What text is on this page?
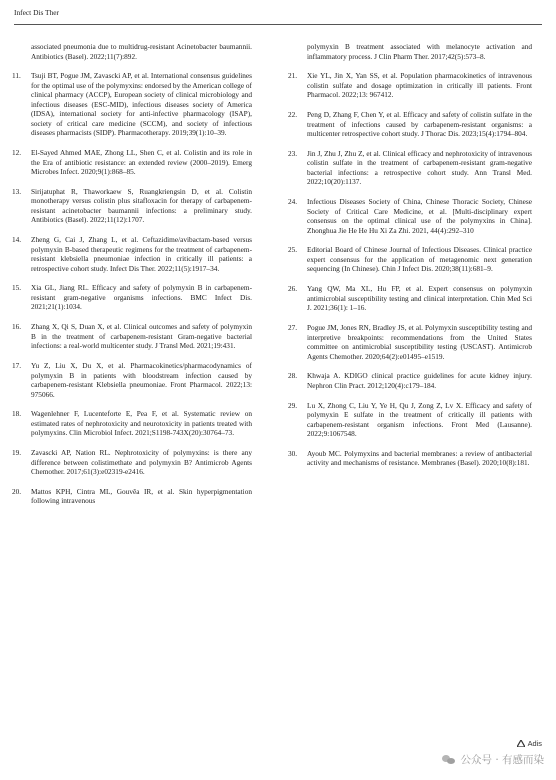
Infect Dis Ther
associated pneumonia due to multidrug-resistant Acinetobacter baumannii. Antibiotics (Basel). 2022;11(7):892.
11.	Tsuji BT, Pogue JM, Zavascki AP, et al. International consensus guidelines for the optimal use of the polymyxins: endorsed by the American college of clinical pharmacy (ACCP), European society of clinical microbiology and infectious diseases (ESC-MID), infectious diseases society of America (IDSA), international society for anti-infective pharmacology (ISAP), society of critical care medicine (SCCM), and society of infectious diseases pharmacists (SIDP). Pharmacotherapy. 2019;39(1):10–39.
12.	El-Sayed Ahmed MAE, Zhong LL, Shen C, et al. Colistin and its role in the Era of antibiotic resistance: an extended review (2000–2019). Emerg Microbes Infect. 2020;9(1):868–85.
13.	Sirijatuphat R, Thaworkaew S, Ruangkriengsin D, et al. Colistin monotherapy versus colistin plus sitafloxacin for therapy of carbapenem-resistant acinetobacter baumannii infections: a preliminary study. Antibiotics (Basel). 2022;11(12):1707.
14.	Zheng G, Cai J, Zhang L, et al. Ceftazidime/avibactam-based versus polymyxin B-based therapeutic regimens for the treatment of carbapenem-resistant klebsiella pneumoniae infection in critically ill patients: a retrospective cohort study. Infect Dis Ther. 2022;11(5):1917–34.
15.	Xia GL, Jiang RL. Efficacy and safety of polymyxin B in carbapenem-resistant gram-negative organisms infections. BMC Infect Dis. 2021;21(1):1034.
16.	Zhang X, Qi S, Duan X, et al. Clinical outcomes and safety of polymyxin B in the treatment of carbapenem-resistant Gram-negative bacterial infections: a real-world multicenter study. J Transl Med. 2021;19:431.
17.	Yu Z, Liu X, Du X, et al. Pharmacokinetics/pharmacodynamics of polymyxin B in patients with bloodstream infection caused by carbapenem-resistant Klebsiella pneumoniae. Front Pharmacol. 2022;13: 975066.
18.	Wagenlehner F, Lucenteforte E, Pea F, et al. Systematic review on estimated rates of nephrotoxicity and neurotoxicity in patients treated with polymyxins. Clin Microbiol Infect. 2021;S1198-743X(20):30764–73.
19.	Zavascki AP, Nation RL. Nephrotoxicity of polymyxins: is there any difference between colistimethate and polymyxin B? Antimicrob Agents Chemother. 2017;61(3):e02319-e2416.
20.	Mattos KPH, Cintra ML, Gouvêa IR, et al. Skin hyperpigmentation following intravenous
polymyxin B treatment associated with melanocyte activation and inflammatory process. J Clin Pharm Ther. 2017;42(5):573–8.
21.	Xie YL, Jin X, Yan SS, et al. Population pharmacokinetics of intravenous colistin sulfate and dosage optimization in critically ill patients. Front Pharmacol. 2022;13: 967412.
22.	Peng D, Zhang F, Chen Y, et al. Efficacy and safety of colistin sulfate in the treatment of infections caused by carbapenem-resistant organisms: a multicenter retrospective cohort study. J Thorac Dis. 2023;15(4):1794–804.
23.	Jin J, Zhu J, Zhu Z, et al. Clinical efficacy and nephrotoxicity of intravenous colistin sulfate in the treatment of carbapenem-resistant gram-negative bacterial infections: a retrospective cohort study. Ann Transl Med. 2022;10(20):1137.
24.	Infectious Diseases Society of China, Chinese Thoracic Society, Chinese Society of Critical Care Medicine, et al. [Multi-disciplinary expert consensus on the optimal clinical use of the polymyxins in China]. Zhonghua Jie He He Hu Xi Za Zhi. 2021, 44(4):292–310
25.	Editorial Board of Chinese Journal of Infectious Diseases. Clinical practice expert consensus for the application of metagenomic next generation sequencing (In Chinese). Chin J Infect Dis. 2020;38(11):681–9.
26.	Yang QW, Ma XL, Hu FP, et al. Expert consensus on polymyxin antimicrobial susceptibility testing and clinical interpretation. Chin Med Sci J. 2021;36(1): 1–16.
27.	Pogue JM, Jones RN, Bradley JS, et al. Polymyxin susceptibility testing and interpretive breakpoints: recommendations from the United States committee on antimicrobial susceptibility testing (USCAST). Antimicrob Agents Chemother. 2020;64(2):e01495–e1519.
28.	Khwaja A. KDIGO clinical practice guidelines for acute kidney injury. Nephron Clin Pract. 2012;120(4):c179–184.
29.	Lu X, Zhong C, Liu Y, Ye H, Qu J, Zong Z, Lv X. Efficacy and safety of polymyxin E sulfate in the treatment of critically ill patients with carbapenem-resistant organism infections. Front Med (Lausanne). 2022;9:1067548.
30.	Ayoub MC. Polymyxins and bacterial membranes: a review of antibacterial activity and mechanisms of resistance. Membranes (Basel). 2020;10(8):181.
Adis
公众号 · 有感而染
